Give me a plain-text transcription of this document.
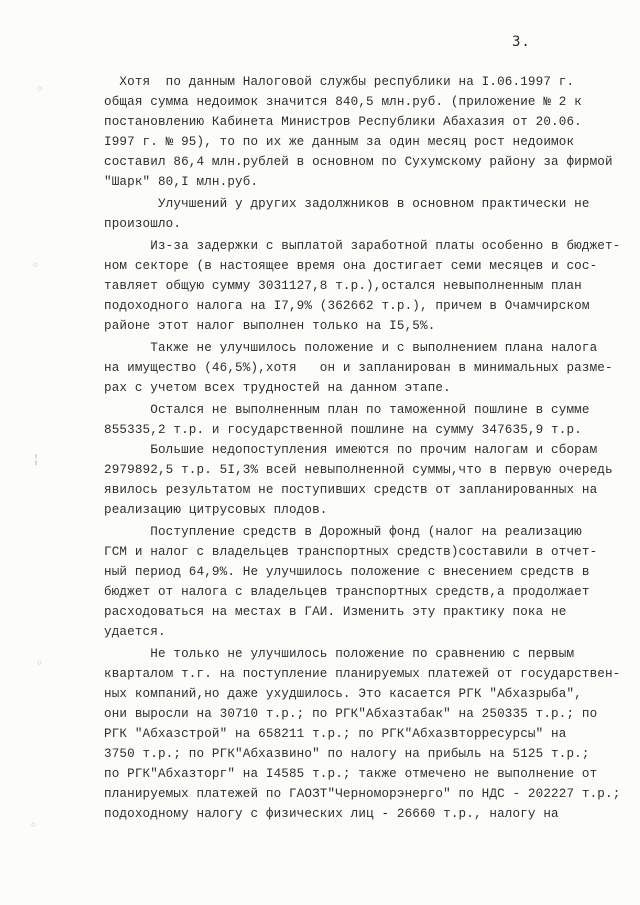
3.
◦
◦
¦
◦
◦
Хотя  по данным Налоговой службы республики на I.06.1997 г.
общая сумма недоимок значится 840,5 млн.руб. (приложение № 2 к
постановлению Кабинета Министров Республики Абахазия от 20.06.
I997 г. № 95), то по их же данным за один месяц рост недоимок
составил 86,4 млн.рублей в основном по Сухумскому району за фирмой
"Шарк" 80,I млн.руб.
Улучшений у других задолжников в основном практически не
произошло.
Из-за задержки с выплатой заработной платы особенно в бюджет-
ном секторе (в настоящее время она достигает семи месяцев и сос-
тавляет общую сумму 3031127,8 т.р.),остался невыполненным план
подоходного налога на I7,9% (362662 т.р.), причем в Очамчирском
районе этот налог выполнен только на I5,5%.
Также не улучшилось положение и с выполнением плана налога
на имущество (46,5%),хотя   он и запланирован в минимальных разме-
рах с учетом всех трудностей на данном этапе.
Остался не выполненным план по таможенной пошлине в сумме
855335,2 т.р. и государственной пошлине на сумму 347635,9 т.р.
Большие недопоступления имеются по прочим налогам и сборам
2979892,5 т.р. 5I,3% всей невыполненной суммы,что в первую очередь
явилось результатом не поступивших средств от запланированных на
реализацию цитрусовых плодов.
Поступление средств в Дорожный фонд (налог на реализацию
ГСМ и налог с владельцев транспортных средств)составили в отчет-
ный период 64,9%. Не улучшилось положение с внесением средств в
бюджет от налога с владельцев транспортных средств,а продолжает
расходоваться на местах в ГАИ. Изменить эту практику пока не
удается.
Не только не улучшилось положение по сравнению с первым
кварталом т.г. на поступление планируемых платежей от государствен-
ных компаний,но даже ухудшилось. Это касается РГК "Абхазрыба",
они выросли на 30710 т.р.; по РГК"Абхазтабак" на 250335 т.р.; по
РГК "Абхазстрой" на 658211 т.р.; по РГК"Абхазвторресурсы" на
3750 т.р.; по РГК"Абхазвино" по налогу на прибыль на 5125 т.р.;
по РГК"Абхазторг" на I4585 т.р.; также отмечено не выполнение от
планируемых платежей по ГАОЗТ"Черноморэнерго" по НДС - 202227 т.р.;
подоходному налогу с физических лиц - 26660 т.р., налогу на
